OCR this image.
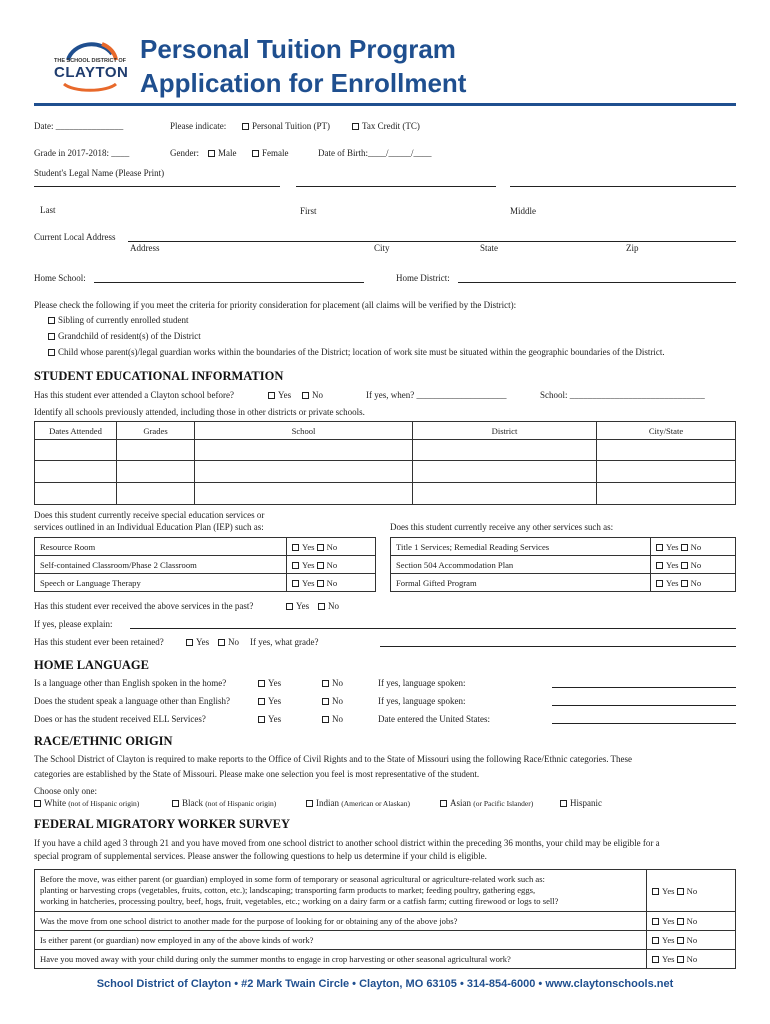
THE SCHOOL DISTRICT OF
CLAYTON
Personal Tuition Program
Application for Enrollment
Date: _______________	Please indicate:	Personal Tuition (PT)	Tax Credit (TC)
Grade in 2017-2018: ____	Gender:	Male	Female	Date of Birth:____/_____/____
Student's Legal Name (Please Print)
Last	First	Middle
Current Local Address
Address	City	State	Zip
Home School:	Home District:
Please check the following if you meet the criteria for priority consideration for placement (all claims will be verified by the District):
Sibling of currently enrolled student
Grandchild of resident(s) of the District
Child whose parent(s)/legal guardian works within the boundaries of the District; location of work site must be situated within the geographic boundaries of the District.
STUDENT EDUCATIONAL INFORMATION
Has this student ever attended a Clayton school before?	Yes	No	If yes, when? ____________________	School: ______________________________
Identify all schools previously attended, including those in other districts or private schools.
Dates Attended	Grades	School	District	City/State

Does this student currently receive special education services or
services outlined in an Individual Education Plan (IEP) such as:	Does this student currently receive any other services such as:
Resource Room	Yes No
Self-contained Classroom/Phase 2 Classroom	Yes No
Speech or Language Therapy	Yes No
Title 1 Services; Remedial Reading Services	Yes No
Section 504 Accommodation Plan	Yes No
Formal Gifted Program	Yes No
Has this student ever received the above services in the past?	Yes	No
If yes, please explain:
Has this student ever been retained?	Yes	No If yes, what grade?
HOME LANGUAGE
Is a language other than English spoken in the home?	Yes	No	If yes, language spoken:
Does the student speak a language other than English?	Yes	No	If yes, language spoken:
Does or has the student received ELL Services?	Yes	No	Date entered the United States:
RACE/ETHNIC ORIGIN
The School District of Clayton is required to make reports to the Office of Civil Rights and to the State of Missouri using the following Race/Ethnic categories. These
categories are established by the State of Missouri. Please make one selection you feel is most representative of the student.
Choose only one:
White (not of Hispanic origin)	Black (not of Hispanic origin)	Indian (American or Alaskan)	Asian (or Pacific Islander)	Hispanic
FEDERAL MIGRATORY WORKER SURVEY
If you have a child aged 3 through 21 and you have moved from one school district to another school district within the preceding 36 months, your child may be eligible for a
special program of supplemental services. Please answer the following questions to help us determine if your child is eligible.
Before the move, was either parent (or guardian) employed in some form of temporary or seasonal agricultural or agriculture-related work such as:
planting or harvesting crops (vegetables, fruits, cotton, etc.); landscaping; transporting farm products to market; feeding poultry, gathering eggs,
working in hatcheries, processing poultry, beef, hogs, fruit, vegetables, etc.; working on a dairy farm or a catfish farm; cutting firewood or logs to sell?	Yes No
Was the move from one school district to another made for the purpose of looking for or obtaining any of the above jobs?	Yes No
Is either parent (or guardian) now employed in any of the above kinds of work?	Yes No
Have you moved away with your child during only the summer months to engage in crop harvesting or other seasonal agricultural work?	Yes No
School District of Clayton • #2 Mark Twain Circle • Clayton, MO 63105 • 314-854-6000 • www.claytonschools.net
